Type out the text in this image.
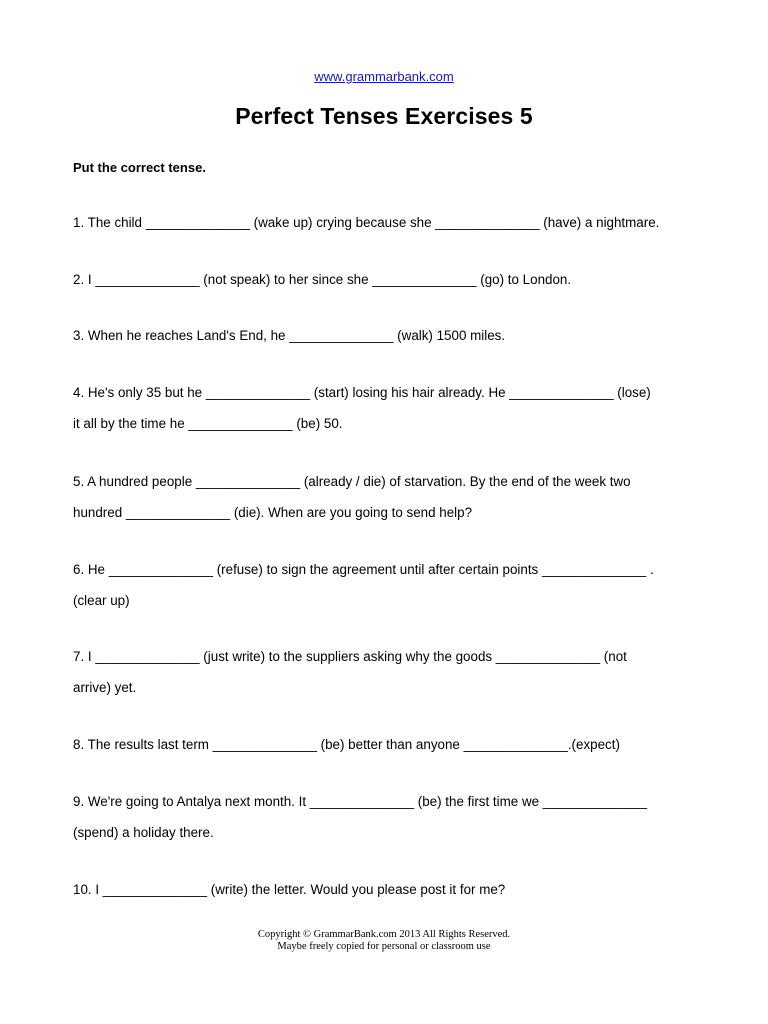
www.grammarbank.com
Perfect Tenses Exercises 5
Put the correct tense.
1. The child ______________ (wake up) crying because she ______________ (have) a nightmare.
2. I ______________ (not speak) to her since she ______________ (go) to London.
3. When he reaches Land's End, he ______________ (walk) 1500 miles.
4. He's only 35 but he ______________ (start) losing his hair already. He ______________ (lose)
it all by the time he ______________ (be) 50.
5. A hundred people ______________ (already / die) of starvation. By the end of the week two
hundred ______________ (die). When are you going to send help?
6. He ______________ (refuse) to sign the agreement until after certain points ______________ .
(clear up)
7. I ______________ (just write) to the suppliers asking why the goods ______________ (not
arrive) yet.
8. The results last term ______________ (be) better than anyone ______________.(expect)
9. We're going to Antalya next month. It ______________ (be) the first time we ______________
(spend) a holiday there.
10. I ______________ (write) the letter. Would you please post it for me?
Copyright © GrammarBank.com 2013 All Rights Reserved.
Maybe freely copied for personal or classroom use
